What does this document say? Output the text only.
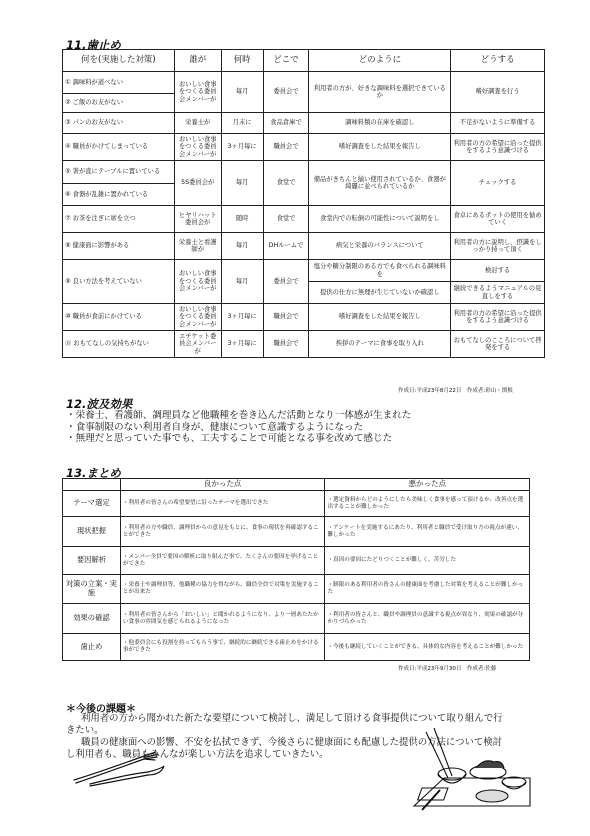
11.歯止め
何を(実施した対策)	誰が	何時	どこで	どのように	どうする
① 調味料が道べない	おいしい食事をつくる委員会メンバーが	毎月	委員会で	利用者の方が、好きな調味料を選択できているか	嗜好調査を行う
② ご飯のお友がない					
③ パンのお友がない	栄養士が	月末に	食品倉庫で	調味料類の在庫を確認し	不足がないように準備する
④ 職員がかけてしまっている	おいしい食事をつくる委員会メンバーが	3ヶ月毎に	職員会で	嗜好調査をした結果を報告し	利用者の方の希望に沿った提供をするよう意識づける
⑤ 箸が直にテーブルに置いている	5S委員会が	毎月	食堂で	備品がきちんと揃い使用されているか、食器が綺麗に並べられているか	チェックする
⑥ 食器が乱雑に置かれている					
⑦ お茶を注ぎに席を立つ	ヒヤリハット委員会が	随時	食堂で	食堂内での転倒の可能性について説明をし	食卓にあるポットの使用を勧めていく
⑧ 健康面に影響がある	栄養士と看護師が	毎月	DHルームで	病気と栄養のバランスについて	利用者の方に説明し、摂識をしっかり持って頂く
⑨ 良い方法を考えていない	おいしい食事をつくる委員会メンバーが	毎月	委員会で	塩分や糖分制限のある方でも食べられる調味料を	検討する
				提供の仕方に無理が生じていないか確認し	継続できるようマニュアルの見直しをする
⑩ 職員が食前にかけている	おいしい食事をつくる委員会メンバーが	3ヶ月毎に	職員会で	嗜好調査をした結果を報告し	利用者の方の希望に沿った提供をするよう意識づける
⑪ おもてなしの気持ちがない	エチケット委員会メンバーが	3ヶ月毎に	職員会で	挨拶のテーマに食事を取り入れ	おもてなしのこころについて啓発をする
作成日:平成23年8月22日　作成者:彩山・関根
12.波及効果
・栄養士、看護師、調理員など他職種を巻き込んだ活動となり一体感が生まれた
・食事制限のない利用者自身が、健康について意識するようになった
・無理だと思っていた事でも、工夫することで可能となる事を改めて感じた
13.まとめ
	良かった点	悪かった点
テーマ選定	・利用者の皆さんの希望要望に沿ったテーマを選出できた	・選定資料からどのようにしたら美味しく食事を感って頂けるか、改善点を選出することが難しかった
現状把握	・利用者の方や職員、調理員からの意見をもとに、食事の現状を再確認することができた	・アンケートを実施するにあたり、利用者と職員で受け取り方の視点が違い、難しかった
要因解析	・メンバー全員で要因の解析に取り組んだ事で、たくさんの要因を挙げることができた	・真因の要因にたどりつくことが難しく、苦労した
対策の立案・実施	・栄養士や調理員等、他職種の協力を得ながら、職員全員で対策を実施することが出来た	・制限のある利用者の皆さんの健康面を考慮した対策を考えることが難しかった
効果の確認	・利用者の皆さんから「おいしい」と聞かれるようになり、より一層あたたかい食事の雰囲気を感じられるようになった	・利用者の皆さんと、職員や調理員の意識する視点が異なり、効果の確認が分かりづらかった
歯止め	・他委員会にも役割を持ってもらう事で、継続的に継続できる歯止めをかける事ができた	・今後も継続していくことができる、具体的な内容を考えることが難しかった
作成日:平成23年9月30日　作成者:佐藤
＊今後の課題＊

利用者の方から聞かれた新たな要望について検討し、満足して頂ける食事提供について取り組んで行きたい。

職員の健康面への影響、不安を払拭できず、今後さらに健康面にも配慮した提供の方法について検討し利用者も、職員もみんなが楽しい方法を追求していきたい。
